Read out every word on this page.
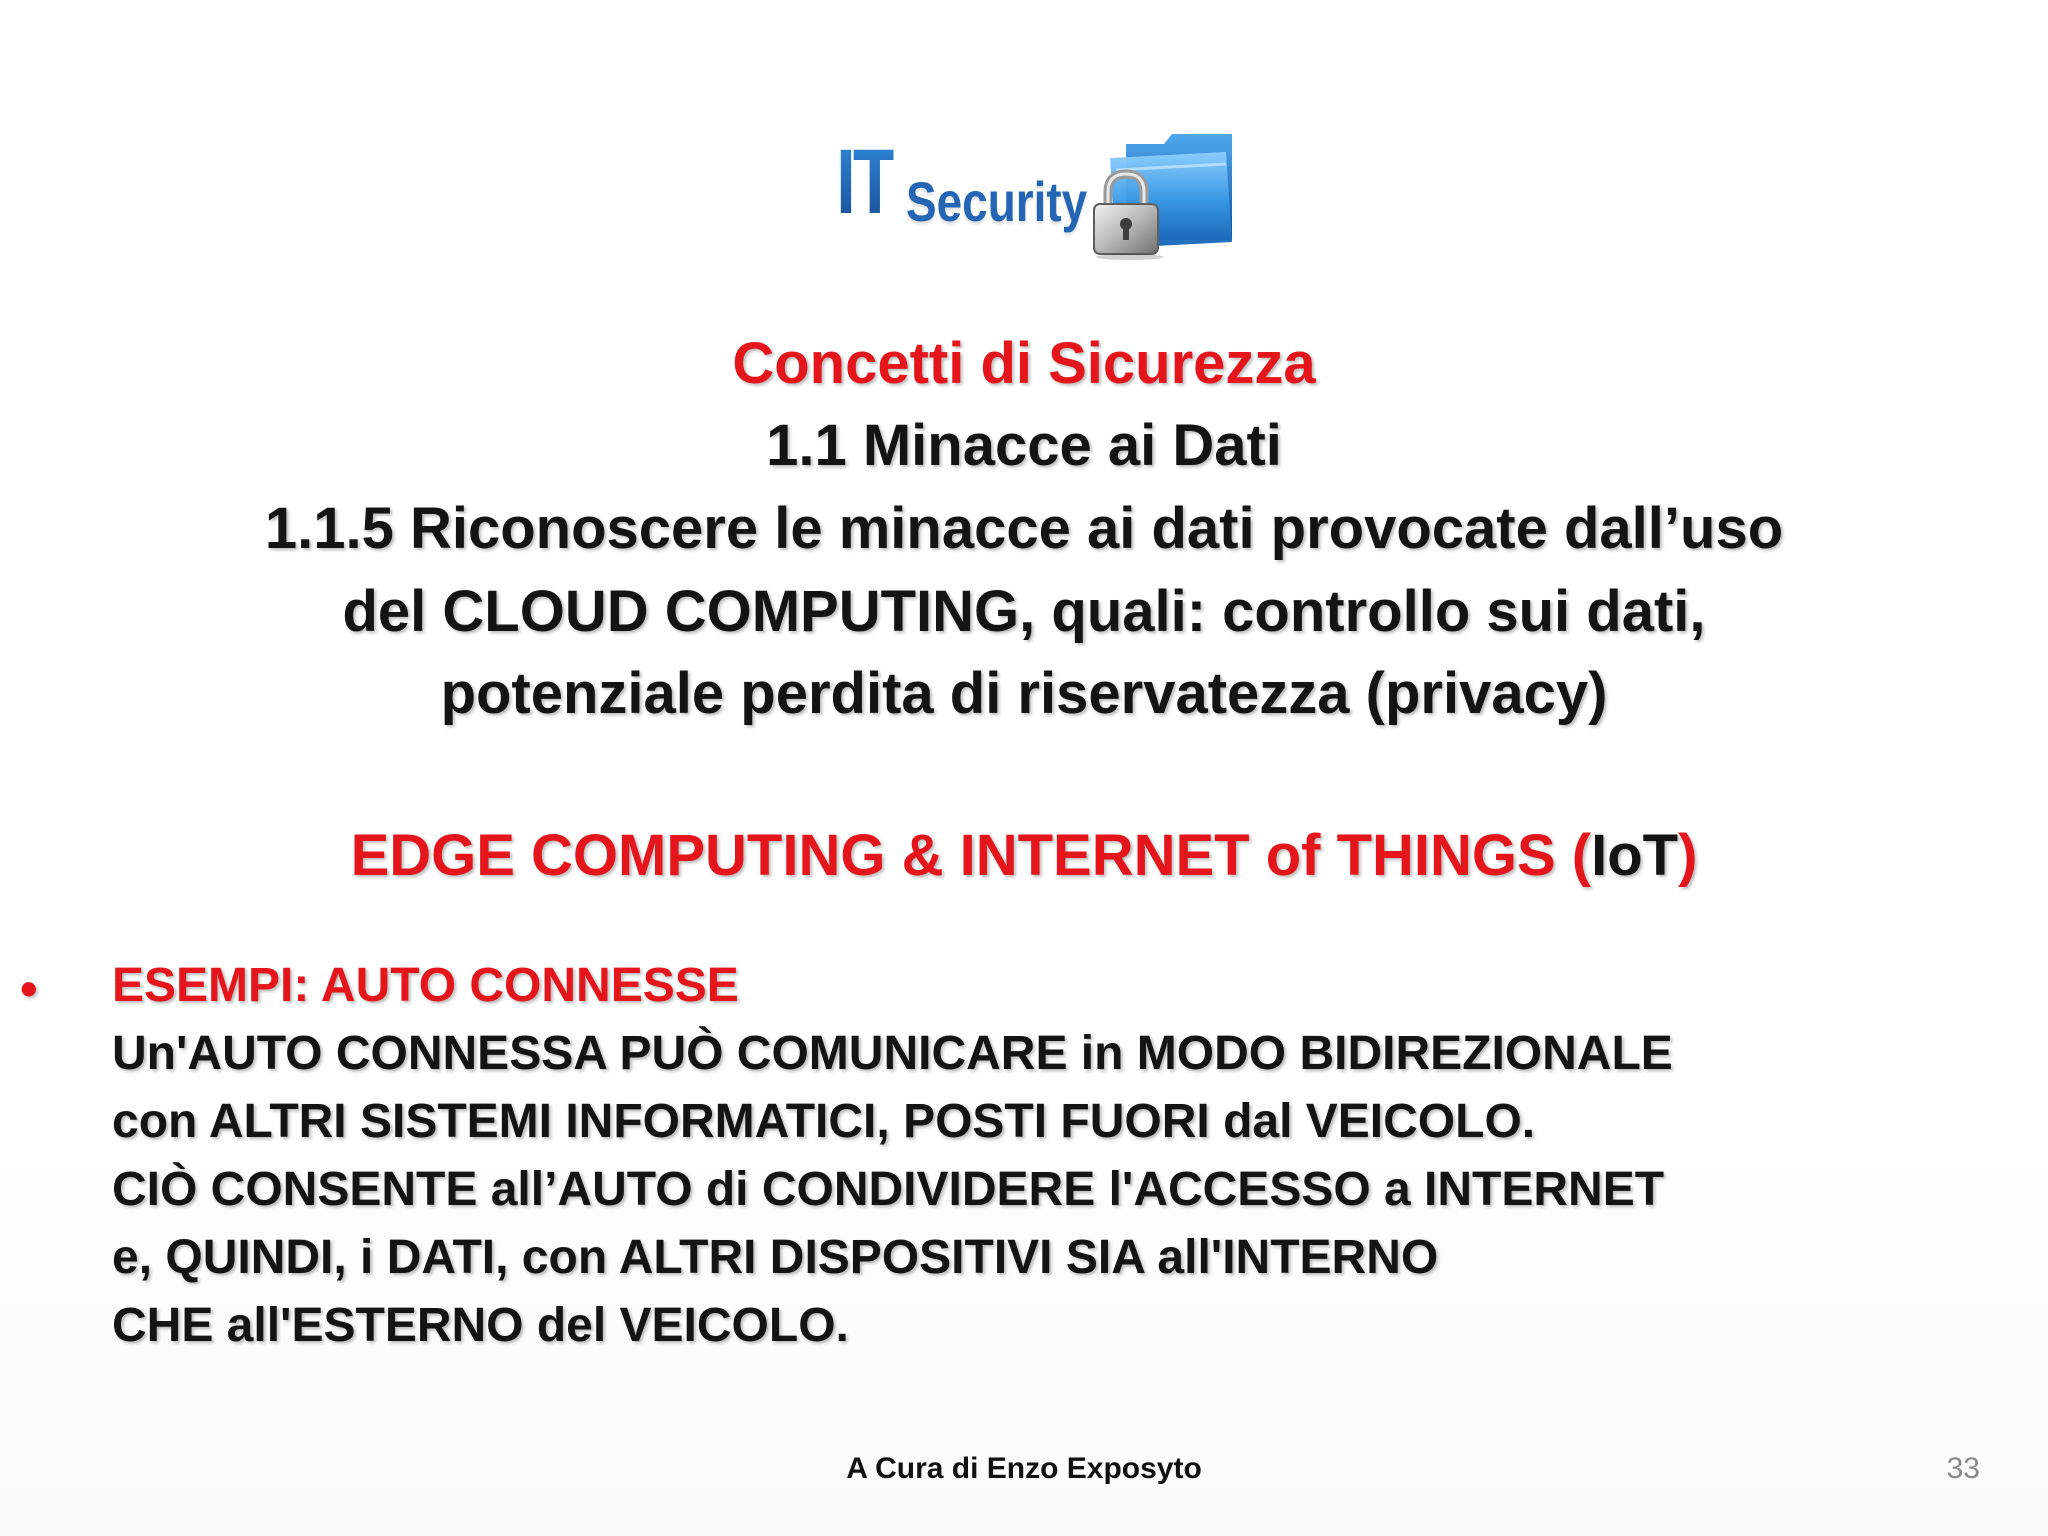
IT Security
Concetti di Sicurezza
1.1 Minacce ai Dati
1.1.5 Riconoscere le minacce ai dati provocate dall’uso
del CLOUD COMPUTING, quali: controllo sui dati,
potenziale perdita di riservatezza (privacy)
EDGE COMPUTING & INTERNET of THINGS (IoT)
• ESEMPI: AUTO CONNESSE
Un'AUTO CONNESSA PUÒ COMUNICARE in MODO BIDIREZIONALE
con ALTRI SISTEMI INFORMATICI, POSTI FUORI dal VEICOLO.
CIÒ CONSENTE all’AUTO di CONDIVIDERE l'ACCESSO a INTERNET
e, QUINDI, i DATI, con ALTRI DISPOSITIVI SIA all'INTERNO
CHE all'ESTERNO del VEICOLO.
A Cura di Enzo Exposyto	33
